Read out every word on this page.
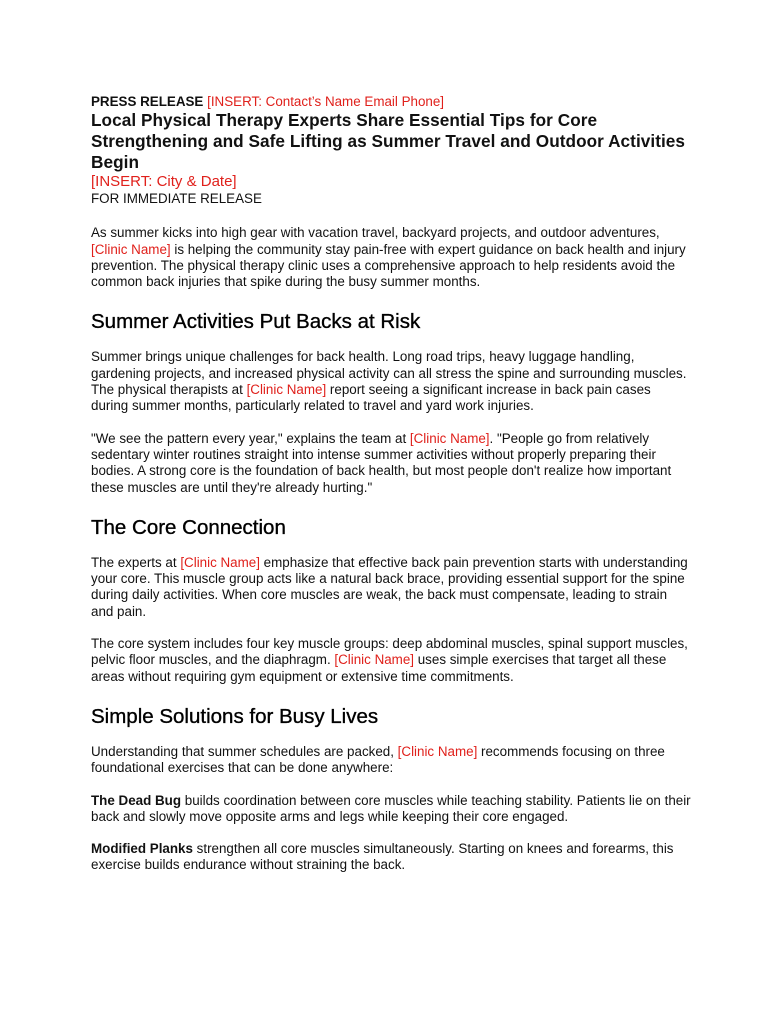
PRESS RELEASE [INSERT: Contact’s Name Email Phone]

Local Physical Therapy Experts Share Essential Tips for Core Strengthening and Safe Lifting as Summer Travel and Outdoor Activities Begin

[INSERT: City & Date]

FOR IMMEDIATE RELEASE

As summer kicks into high gear with vacation travel, backyard projects, and outdoor adventures, [Clinic Name] is helping the community stay pain-free with expert guidance on back health and injury prevention. The physical therapy clinic uses a comprehensive approach to help residents avoid the common back injuries that spike during the busy summer months.

Summer Activities Put Backs at Risk

Summer brings unique challenges for back health. Long road trips, heavy luggage handling, gardening projects, and increased physical activity can all stress the spine and surrounding muscles. The physical therapists at [Clinic Name] report seeing a significant increase in back pain cases during summer months, particularly related to travel and yard work injuries.

"We see the pattern every year," explains the team at [Clinic Name]. "People go from relatively sedentary winter routines straight into intense summer activities without properly preparing their bodies. A strong core is the foundation of back health, but most people don't realize how important these muscles are until they're already hurting."

The Core Connection

The experts at [Clinic Name] emphasize that effective back pain prevention starts with understanding your core. This muscle group acts like a natural back brace, providing essential support for the spine during daily activities. When core muscles are weak, the back must compensate, leading to strain and pain.

The core system includes four key muscle groups: deep abdominal muscles, spinal support muscles, pelvic floor muscles, and the diaphragm. [Clinic Name] uses simple exercises that target all these areas without requiring gym equipment or extensive time commitments.

Simple Solutions for Busy Lives

Understanding that summer schedules are packed, [Clinic Name] recommends focusing on three foundational exercises that can be done anywhere:

The Dead Bug builds coordination between core muscles while teaching stability. Patients lie on their back and slowly move opposite arms and legs while keeping their core engaged.

Modified Planks strengthen all core muscles simultaneously. Starting on knees and forearms, this exercise builds endurance without straining the back.
